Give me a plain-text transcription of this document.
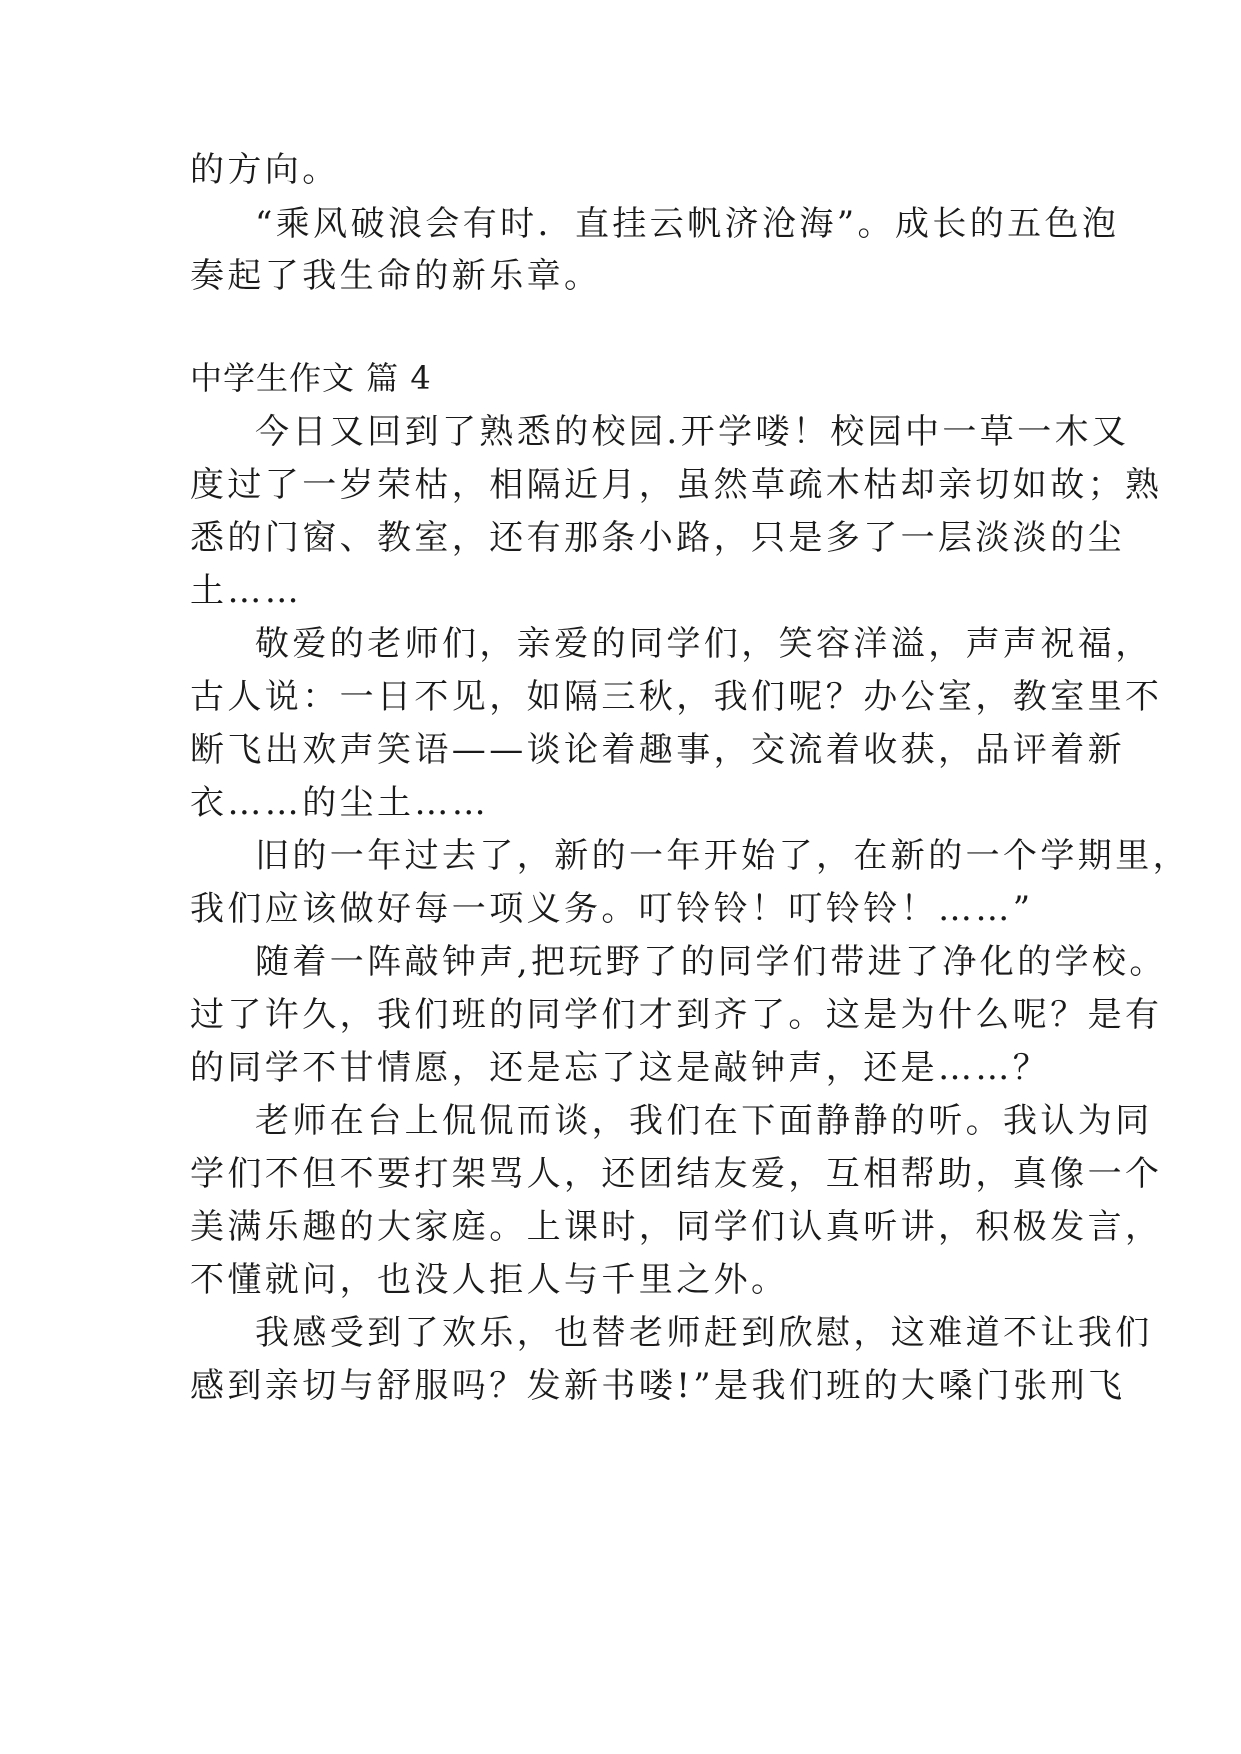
的方向。

“乘风破浪会有时．直挂云帆济沧海”。成长的五色泡

奏起了我生命的新乐章。

中学生作文 篇 4

今日又回到了熟悉的校园.开学喽！校园中一草一木又

度过了一岁荣枯，相隔近月，虽然草疏木枯却亲切如故；熟

悉的门窗、教室，还有那条小路，只是多了一层淡淡的尘

土……

敬爱的老师们，亲爱的同学们，笑容洋溢，声声祝福，

古人说：一日不见，如隔三秋，我们呢？办公室，教室里不

断飞出欢声笑语——谈论着趣事，交流着收获，品评着新

衣……的尘土……

旧的一年过去了，新的一年开始了，在新的一个学期里，

我们应该做好每一项义务。叮铃铃！叮铃铃！……”

随着一阵敲钟声,把玩野了的同学们带进了净化的学校。

过了许久，我们班的同学们才到齐了。这是为什么呢？是有

的同学不甘情愿，还是忘了这是敲钟声，还是……？

老师在台上侃侃而谈，我们在下面静静的听。我认为同

学们不但不要打架骂人，还团结友爱，互相帮助，真像一个

美满乐趣的大家庭。上课时，同学们认真听讲，积极发言，

不懂就问，也没人拒人与千里之外。

我感受到了欢乐，也替老师赶到欣慰，这难道不让我们

感到亲切与舒服吗？发新书喽!”是我们班的大嗓门张刑飞
